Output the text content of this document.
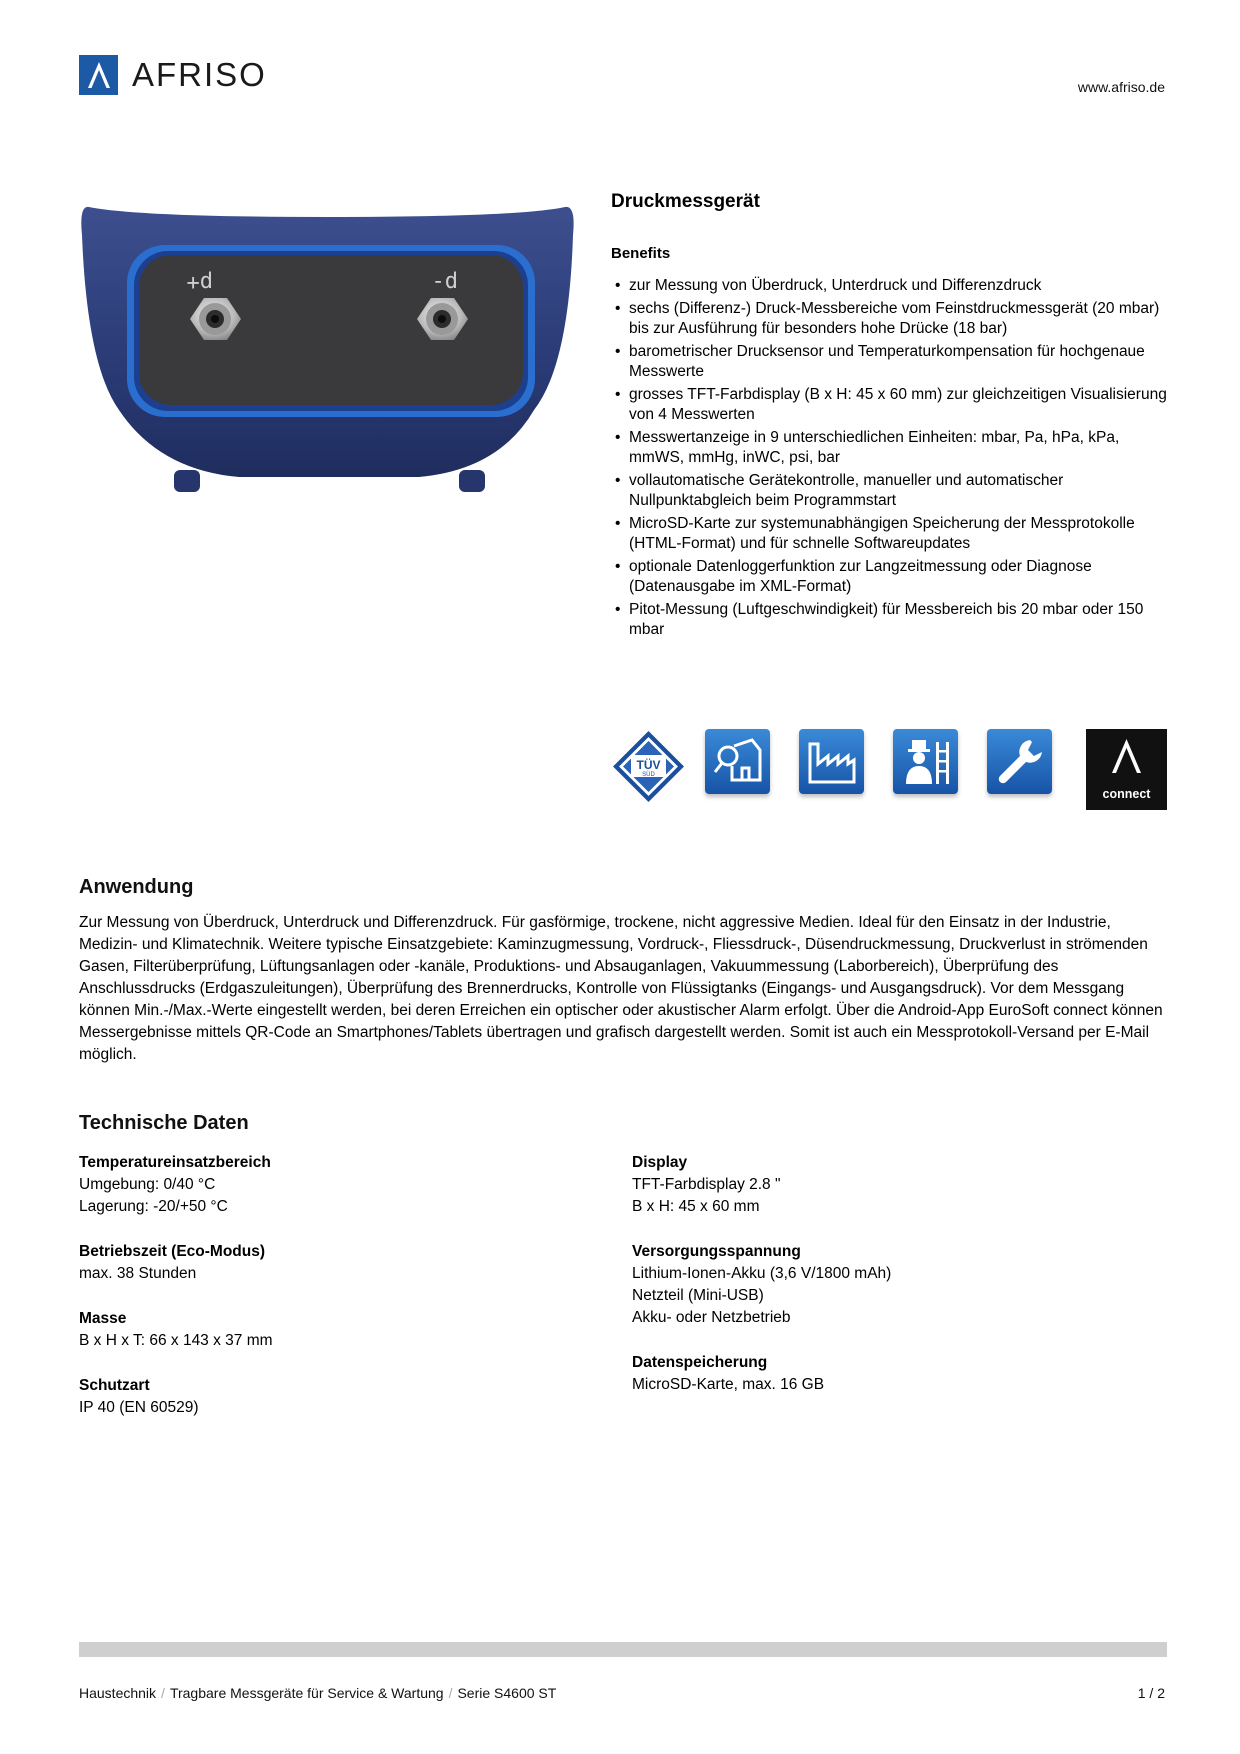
AFRISO	www.afriso.de
p+	p-
Druckmessgerät
Benefits
• zur Messung von Überdruck, Unterdruck und Differenzdruck
• sechs (Differenz-) Druck-Messbereiche vom Feinstdruckmessgerät (20 mbar) bis zur Ausführung für besonders hohe Drücke (18 bar)
• barometrischer Drucksensor und Temperaturkompensation für hochgenaue Messwerte
• grosses TFT-Farbdisplay (B x H: 45 x 60 mm) zur gleichzeitigen Visualisierung von 4 Messwerten
• Messwertanzeige in 9 unterschiedlichen Einheiten: mbar, Pa, hPa, kPa, mmWS, mmHg, inWC, psi, bar
• vollautomatische Gerätekontrolle, manueller und automatischer Nullpunktabgleich beim Programmstart
• MicroSD-Karte zur systemunabhängigen Speicherung der Messprotokolle (HTML-Format) und für schnelle Softwareupdates
• optionale Datenloggerfunktion zur Langzeitmessung oder Diagnose (Datenausgabe im XML-Format)
• Pitot-Messung (Luftgeschwindigkeit) für Messbereich bis 20 mbar oder 150 mbar
TÜV
SÜD
connect
Anwendung
Zur Messung von Überdruck, Unterdruck und Differenzdruck. Für gasförmige, trockene, nicht aggressive Medien. Ideal für den Einsatz in der Industrie, Medizin- und Klimatechnik. Weitere typische Einsatzgebiete: Kaminzugmessung, Vordruck-, Fliessdruck-, Düsendruckmessung, Druckverlust in strömenden Gasen, Filterüberprüfung, Lüftungsanlagen oder -kanäle, Produktions- und Absauganlagen, Vakuummessung (Laborbereich), Überprüfung des Anschlussdrucks (Erdgaszuleitungen), Überprüfung des Brennerdrucks, Kontrolle von Flüssigtanks (Eingangs- und Ausgangsdruck). Vor dem Messgang können Min.-/Max.-Werte eingestellt werden, bei deren Erreichen ein optischer oder akustischer Alarm erfolgt. Über die Android-App EuroSoft connect können Messergebnisse mittels QR-Code an Smartphones/Tablets übertragen und grafisch dargestellt werden. Somit ist auch ein Messprotokoll-Versand per E-Mail möglich.
Technische Daten
Temperatureinsatzbereich
Umgebung: 0/40 °C
Lagerung: -20/+50 °C
Betriebszeit (Eco-Modus)
max. 38 Stunden
Masse
B x H x T: 66 x 143 x 37 mm
Schutzart
IP 40 (EN 60529)
Display
TFT-Farbdisplay 2.8 "
B x H: 45 x 60 mm
Versorgungsspannung
Lithium-Ionen-Akku (3,6 V/1800 mAh)
Netzteil (Mini-USB)
Akku- oder Netzbetrieb
Datenspeicherung
MicroSD-Karte, max. 16 GB
Haustechnik / Tragbare Messgeräte für Service & Wartung / Serie S4600 ST	1 / 2
